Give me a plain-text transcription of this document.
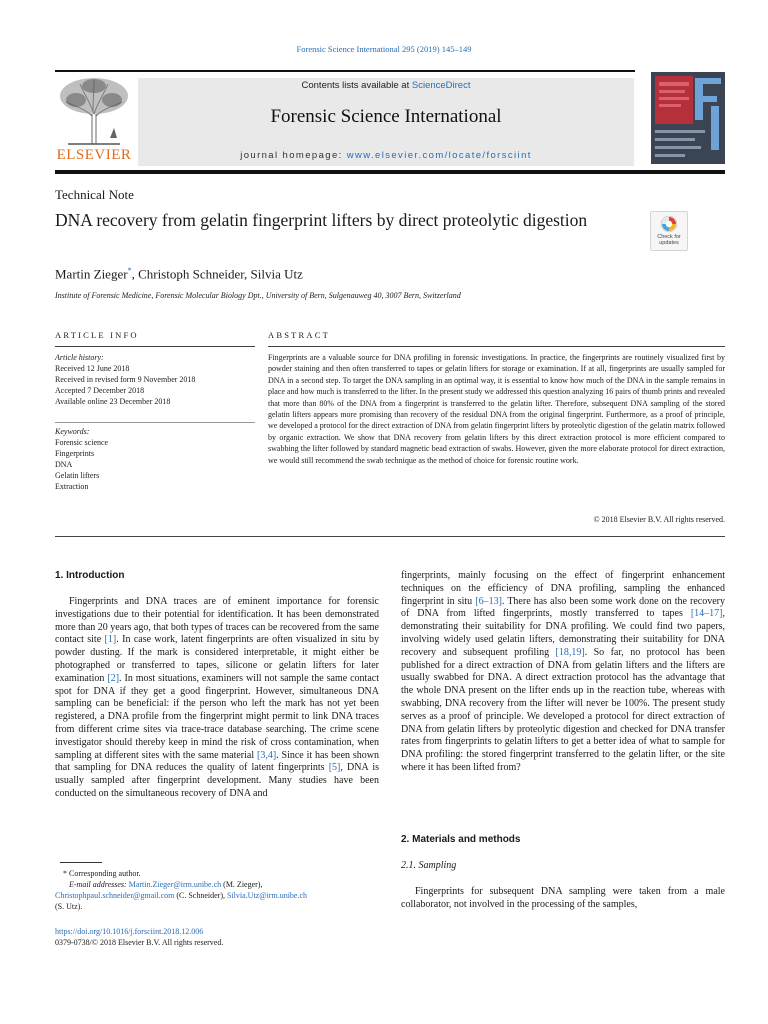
Forensic Science International 295 (2019) 145–149
ELSEVIER
Contents lists available at ScienceDirect
Forensic Science International
journal homepage: www.elsevier.com/locate/forsciint
Technical Note
DNA recovery from gelatin fingerprint lifters by direct proteolytic digestion
Check for
updates
Martin Zieger*, Christoph Schneider, Silvia Utz
Institute of Forensic Medicine, Forensic Molecular Biology Dpt., University of Bern, Sulgenauweg 40, 3007 Bern, Switzerland
ARTICLE INFO	ABSTRACT
Article history:
Received 12 June 2018
Received in revised form 9 November 2018
Accepted 7 December 2018
Available online 23 December 2018
Keywords:
Forensic science
Fingerprints
DNA
Gelatin lifters
Extraction
Fingerprints are a valuable source for DNA profiling in forensic investigations. In practice, the fingerprints are routinely visualized first by powder staining and then often transferred to tapes or gelatin lifters for storage or examination. If at all, fingerprints are usually sampled for DNA in a second step. To target the DNA sampling in an optimal way, it is essential to know how much of the DNA in the sample remains in place and how much is transferred to the lifter. In the present study we addressed this question analyzing 16 pairs of thumb prints and revealed that more than 80% of the DNA from a fingerprint is transferred to the gelatin lifter. Therefore, subsequent DNA sampling of the stored gelatin lifters appears more promising than recovery of the residual DNA from the original fingerprint. Furthermore, as a proof of principle, we developed a protocol for the direct extraction of DNA from gelatin fingerprint lifters by proteolytic digestion of the gelatin matrix followed by organic extraction. We show that DNA recovery from gelatin lifters by this direct extraction protocol is more efficient compared to swabbing the lifter followed by standard magnetic bead extraction of swabs. However, given the more elaborate protocol for direct extraction, we would still recommend the swab technique as the method of choice for forensic routine work.
© 2018 Elsevier B.V. All rights reserved.
1. Introduction
Fingerprints and DNA traces are of eminent importance for forensic investigations due to their potential for identification. It has been demonstrated more than 20 years ago, that both types of traces can be recovered from the same contact site [1]. In case work, latent fingerprints are often visualized in situ by powder dusting. If the mark is considered interpretable, it might either be photographed or transferred to tapes, silicone or gelatin lifters for later examination [2]. In most situations, examiners will not sample the same contact spot for DNA if they get a good fingerprint. However, simultaneous DNA sampling can be beneficial: if the person who left the mark has not yet been registered, a DNA profile from the fingerprint might permit to link DNA traces from different crime sites via trace-trace database searching. The crime scene investigator should thereby keep in mind the risk of cross contamination, when sampling at different sites with the same material [3,4]. Since it has been shown that sampling for DNA reduces the quality of latent fingerprints [5], DNA is usually sampled after fingerprint development. Many studies have been conducted on the simultaneous recovery of DNA and
fingerprints, mainly focusing on the effect of fingerprint enhancement techniques on the efficiency of DNA profiling, sampling the enhanced fingerprint in situ [6–13]. There has also been some work done on the recovery of DNA from lifted fingerprints, mostly transferred to tapes [14–17], demonstrating their suitability for DNA profiling. We could find two papers, involving widely used gelatin lifters, demonstrating their suitability for DNA recovery and subsequent profiling [18,19]. So far, no protocol has been published for a direct extraction of DNA from gelatin lifters and the lifters are usually swabbed for DNA. A direct extraction protocol has the advantage that the whole DNA present on the lifter ends up in the reaction tube, whereas with swabbing, DNA recovery from the lifter will never be 100%. The present study serves as a proof of principle. We developed a protocol for direct extraction of DNA from gelatin lifters by proteolytic digestion and checked for DNA transfer rates from fingerprints to gelatin lifters to get a better idea of what to sample for DNA profiling: the stored fingerprint transferred to the gelatin lifter, or the site where it has been lifted from?
2. Materials and methods
2.1. Sampling
Fingerprints for subsequent DNA sampling were taken from a male collaborator, not involved in the processing of the samples,
* Corresponding author.
E-mail addresses: Martin.Zieger@irm.unibe.ch (M. Zieger),
Christophpaul.schneider@gmail.com (C. Schneider), Silvia.Utz@irm.unibe.ch
(S. Utz).
https://doi.org/10.1016/j.forsciint.2018.12.006
0379-0738/© 2018 Elsevier B.V. All rights reserved.
